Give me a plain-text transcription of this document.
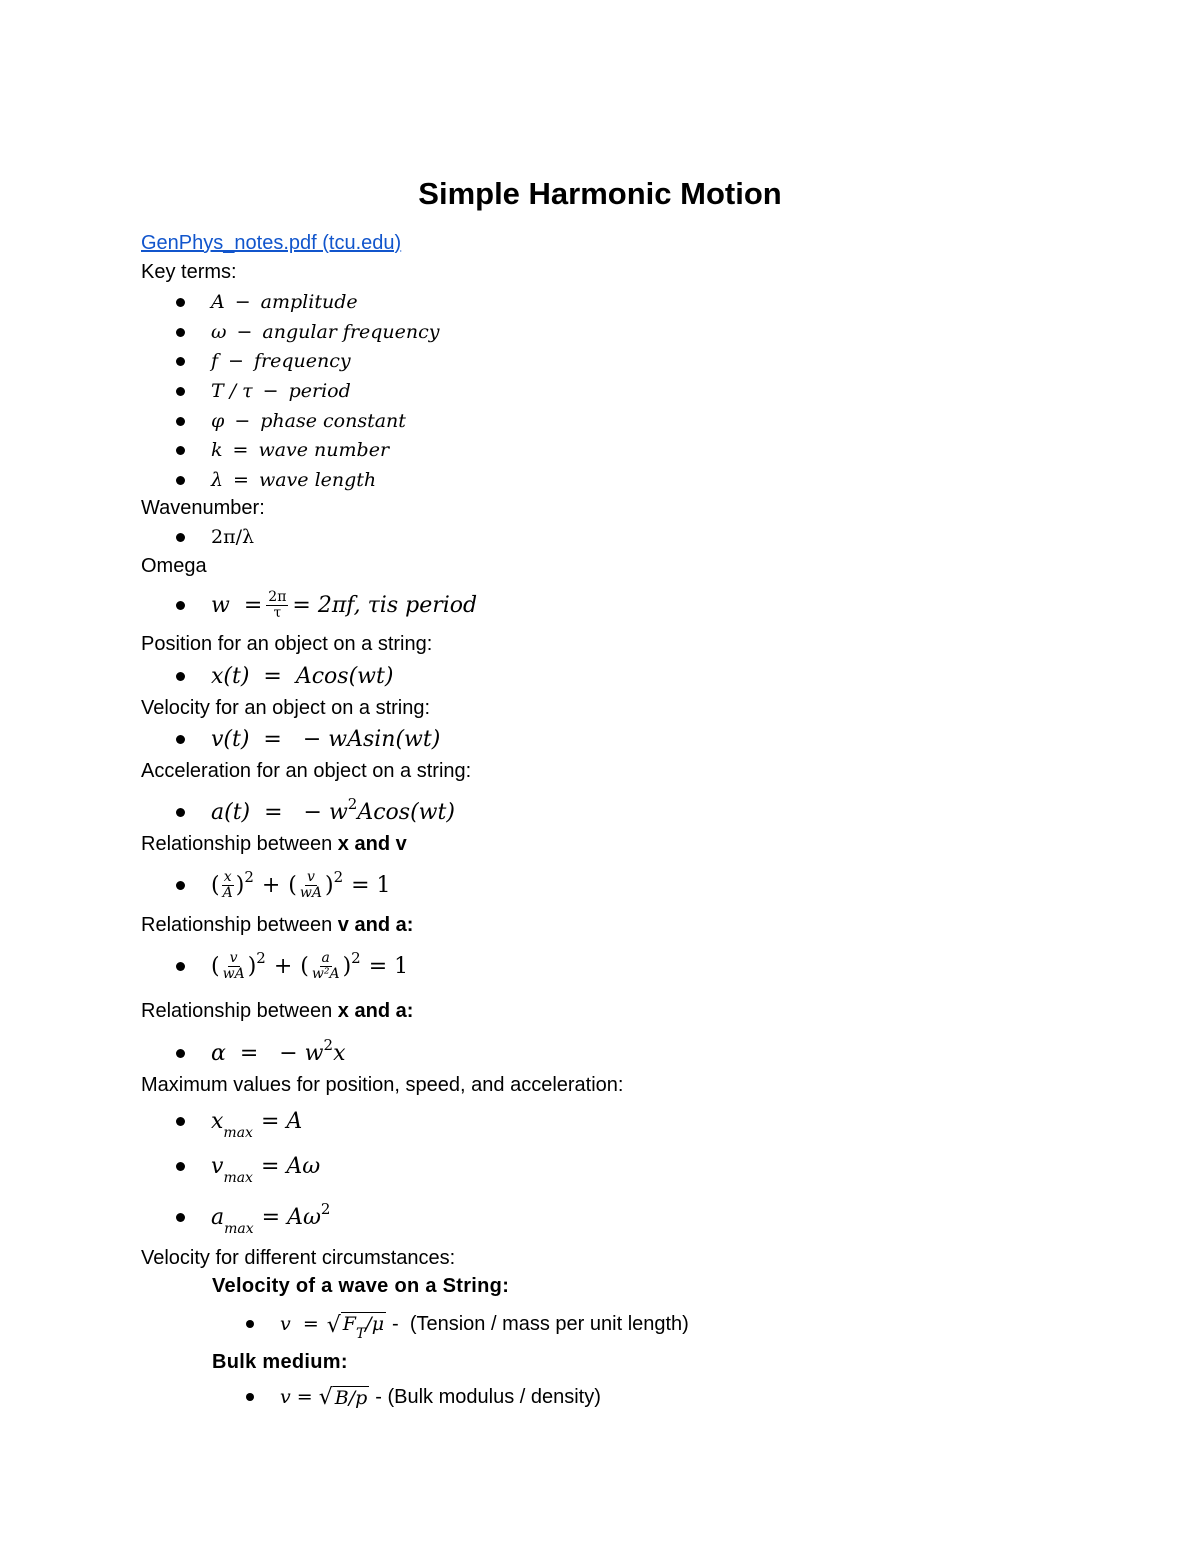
Simple Harmonic Motion
GenPhys_notes.pdf (tcu.edu)
Key terms:
A − amplitude
ω − angular frequency
f − frequency
T / τ − period
φ − phase constant
k = wave number
λ = wave length
Wavenumber:
2π/λ
Omega
$w = \frac{2\pi}{\tau} = 2\pi f$, τis period
Position for an object on a string:
x(t)  =  Acos(wt)
Velocity for an object on a string:
v(t)  =   − wAsin(wt)
Acceleration for an object on a string:
a(t)  =   − $w^2$ Acos(wt)
Relationship between x and v
( $\frac{x}{A} )^2$ + ( $\frac{v}{wA} )^2 = 1$
Relationship between v and a:
( $\frac{v}{wA} )^2$ + ( $\frac{a}{\text{w²A}} )^2 = 1$
Relationship between x and a:
α  =   − $w^2$ x
Maximum values for position, speed, and acceleration:
$x_{max} = A$
$v_{max} = A\omega$
$a_{max} = A\omega^2$
Velocity for different circumstances:
Velocity of a wave on a String:
v  = √ $F_T/\mu$ -  (Tension / mass per unit length)
Bulk medium:
v = √ B/p - (Bulk modulus / density)
